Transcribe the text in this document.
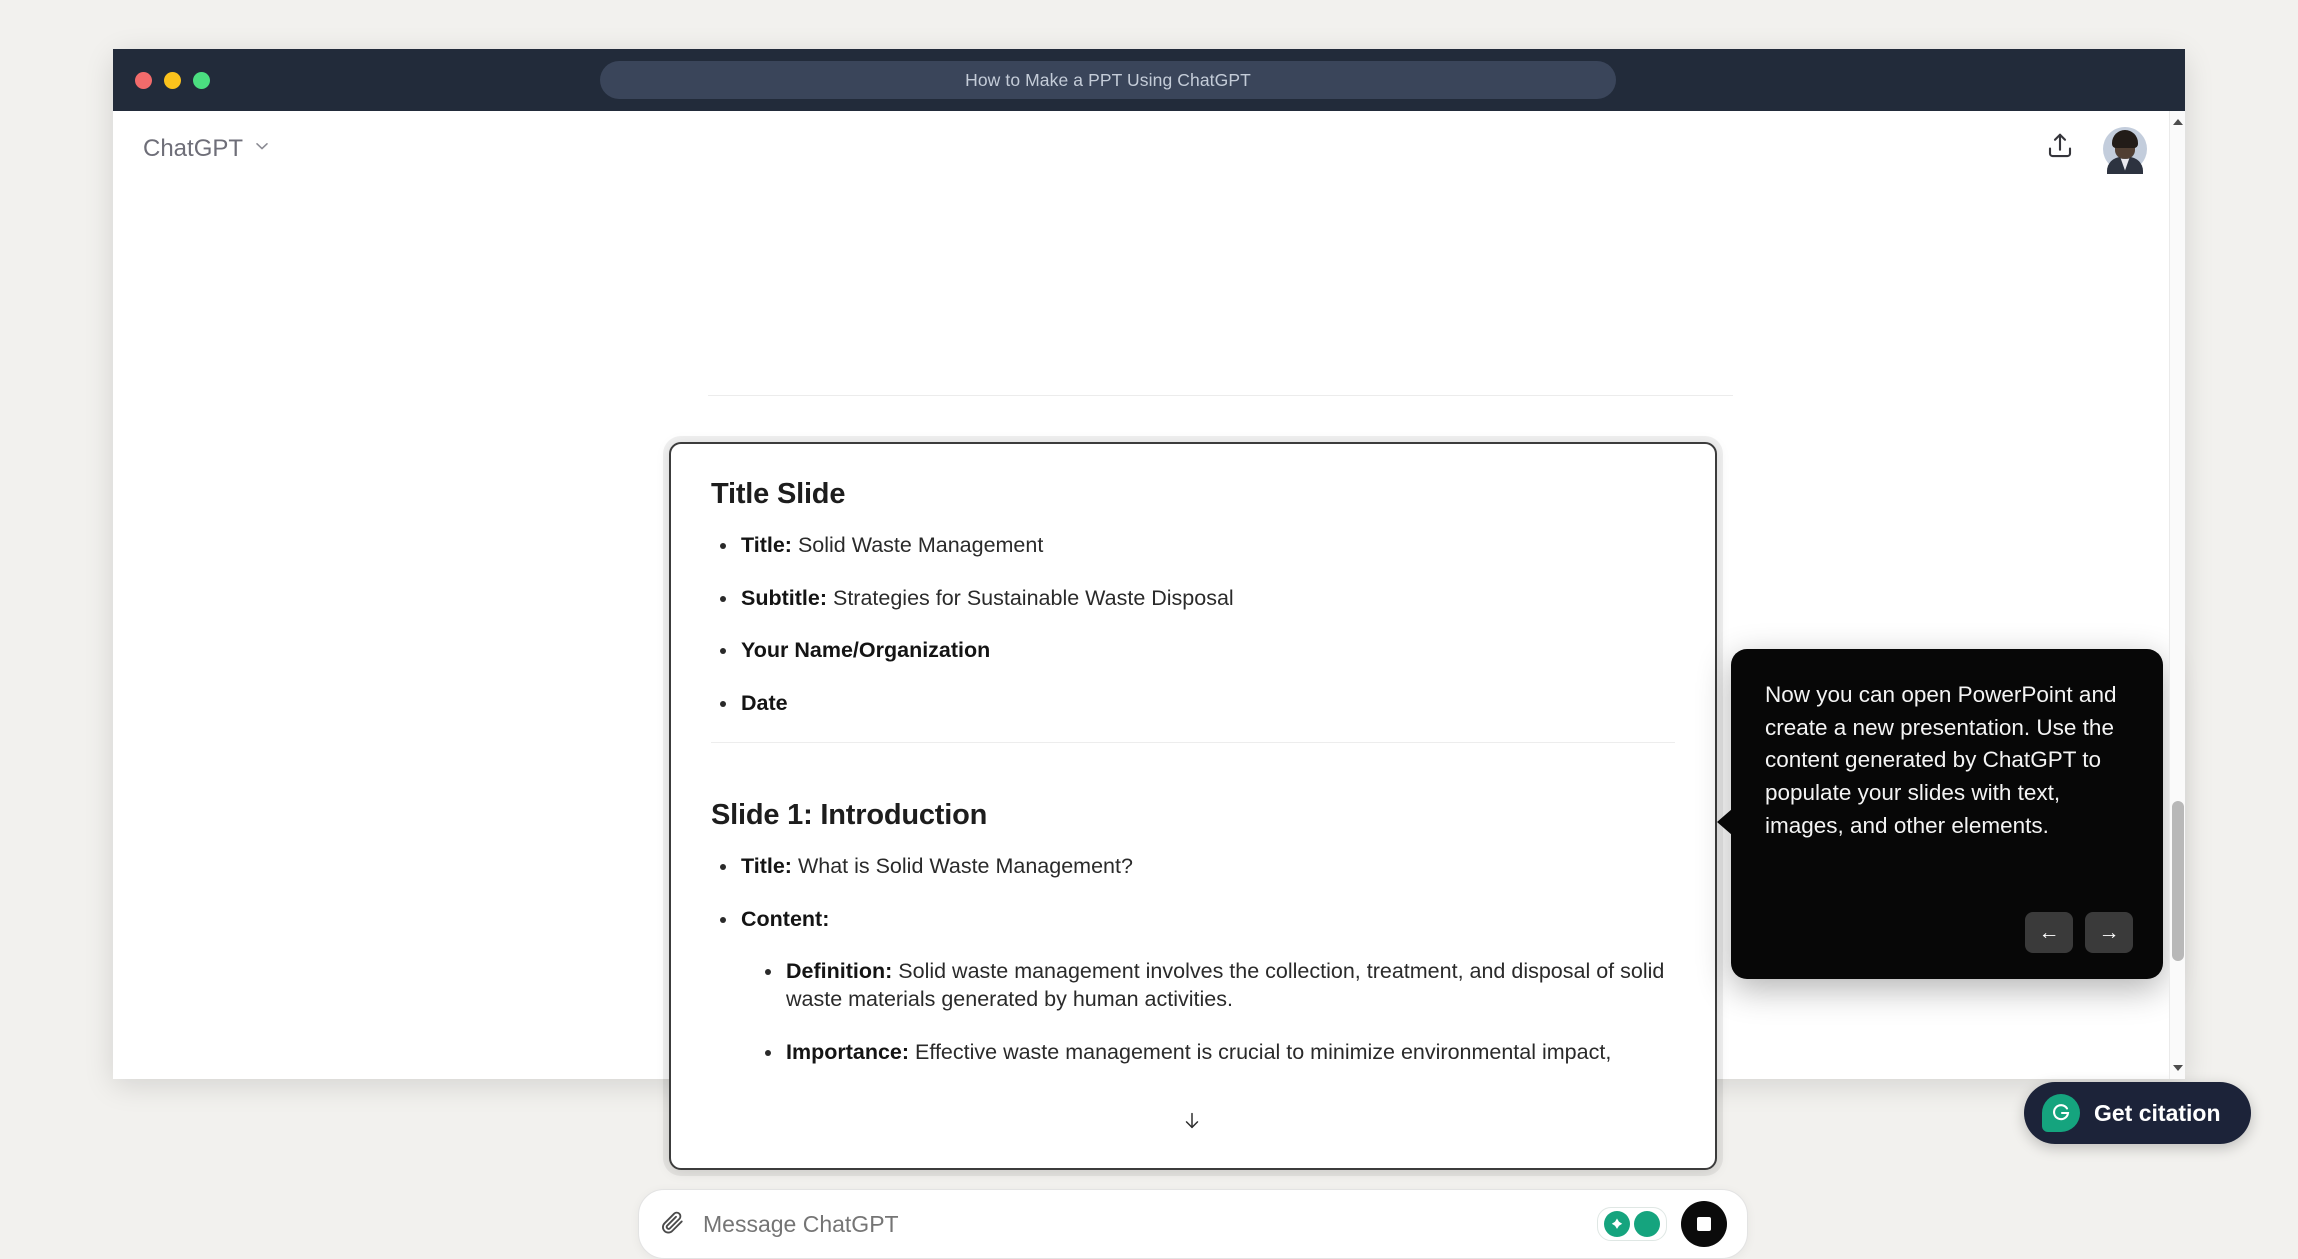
How to Make a PPT Using ChatGPT
ChatGPT
Title Slide
Title: Solid Waste Management
Subtitle: Strategies for Sustainable Waste Disposal
Your Name/Organization
Date
Slide 1: Introduction
Title: What is Solid Waste Management?
Content:
Definition: Solid waste management involves the collection, treatment, and disposal of solid waste materials generated by human activities.
Importance: Effective waste management is crucial to minimize environmental impact,
Now you can open PowerPoint and create a new presentation. Use the content generated by ChatGPT to populate your slides with text, images, and other elements.
←	→
Get citation
Message ChatGPT
